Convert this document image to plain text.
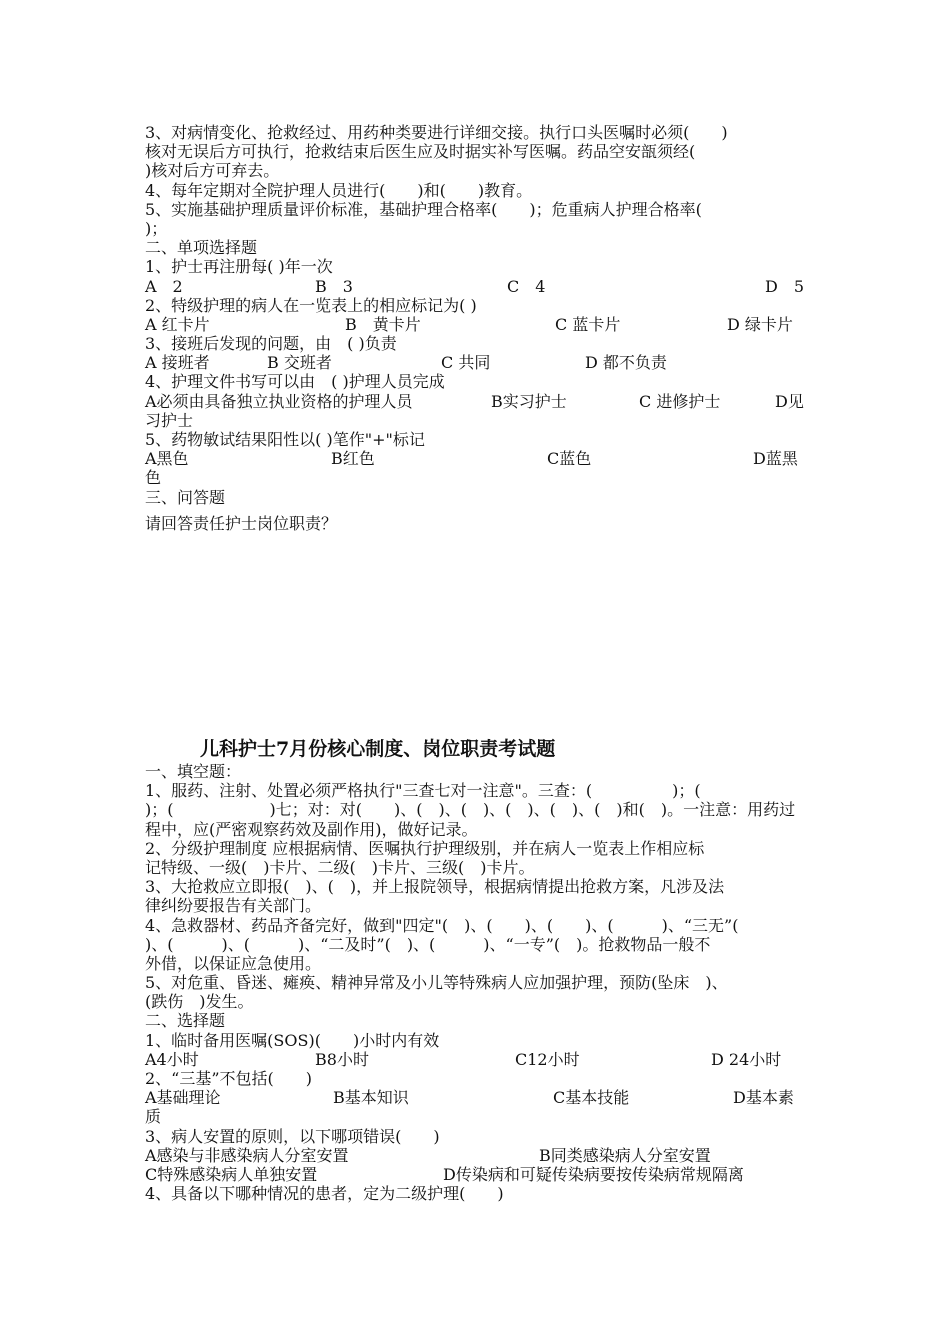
3、对病情变化、抢救经过、用药种类要进行详细交接。执行口头医嘱时必须(　　)
核对无误后方可执行，抢救结束后医生应及时据实补写医嘱。药品空安瓿须经(
)核对后方可弃去。
4、每年定期对全院护理人员进行(　　)和(　　)教育。
5、实施基础护理质量评价标准，基础护理合格率(　　)；危重病人护理合格率(
)；
二、单项选择题
1、护士再注册每( )年一次
A　2	B　3	C　4	D　5
2、特级护理的病人在一览表上的相应标记为( )
A 红卡片	B　黄卡片	C 蓝卡片	D 绿卡片
3、接班后发现的问题，由　( )负责
A 接班者	B 交班者	C 共同	D 都不负责
4、护理文件书写可以由　( )护理人员完成
A必须由具备独立执业资格的护理人员	B实习护士	C 进修护士	D见
习护士
5、药物敏试结果阳性以( )笔作"+"标记
A黑色	B红色	C蓝色	D蓝黑
色
三、问答题
请回答责任护士岗位职责？
儿科护士7月份核心制度、岗位职责考试题
一、填空题：
1、服药、注射、处置必须严格执行"三查七对一注意"。三查：(　　　　　)；(
)；(　　　　　　)七；对：对(　　)、(　)、(　)、(　)、(　)、(　)和(　)。一注意：用药过
程中，应(严密观察药效及副作用)，做好记录。
2、分级护理制度 应根据病情、医嘱执行护理级别，并在病人一览表上作相应标
记特级、一级(　)卡片、二级(　)卡片、三级(　)卡片。
3、大抢救应立即报(　)、(　)，并上报院领导，根据病情提出抢救方案，凡涉及法
律纠纷要报告有关部门。
4、急救器材、药品齐备完好，做到"四定"(　)、(　　)、(　　)、(　　　)、“三无”(
)、(　　　)、(　　　)、“二及时”(　)、(　　　)、“一专”(　)。抢救物品一般不
外借，以保证应急使用。
5、对危重、昏迷、瘫痪、精神异常及小儿等特殊病人应加强护理，预防(坠床　)、
(跌伤　)发生。
二、选择题
1、临时备用医嘱(SOS)(　　)小时内有效
A4小时	B8小时	C12小时	D 24小时
2、“三基”不包括(　　)
A基础理论	B基本知识	C基本技能	D基本素
质
3、病人安置的原则，以下哪项错误(　　)
A感染与非感染病人分室安置	B同类感染病人分室安置
C特殊感染病人单独安置	D传染病和可疑传染病要按传染病常规隔离
4、具备以下哪种情况的患者，定为二级护理(　　)
